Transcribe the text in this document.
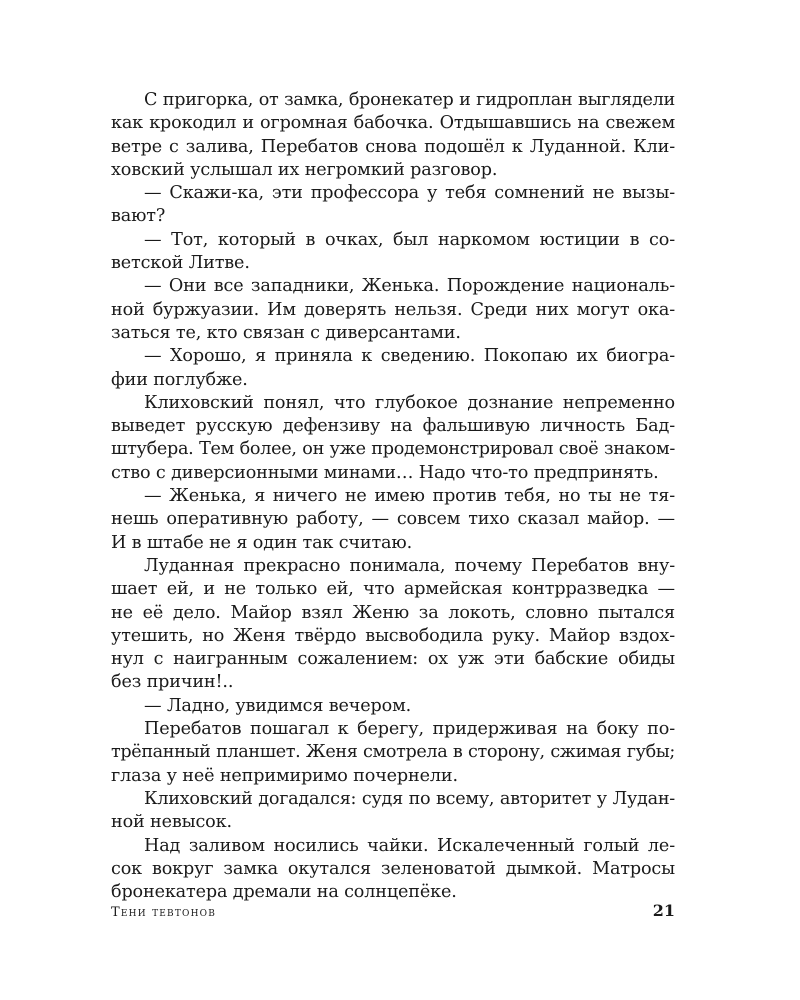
С пригорка, от замка, бронекатер и гидроплан выглядели
как крокодил и огромная бабочка. Отдышавшись на свежем
ветре с залива, Перебатов снова подошёл к Луданной. Кли-
ховский услышал их негромкий разговор.
— Скажи-ка, эти профессора у тебя сомнений не вызы-
вают?
— Тот, который в очках, был наркомом юстиции в со-
ветской Литве.
— Они все западники, Женька. Порождение националь-
ной буржуазии. Им доверять нельзя. Среди них могут ока-
заться те, кто связан с диверсантами.
— Хорошо, я приняла к сведению. Покопаю их биогра-
фии поглубже.
Клиховский понял, что глубокое дознание непременно
выведет русскую дефензиву на фальшивую личность Бад-
штубера. Тем более, он уже продемонстрировал своё знаком-
ство с диверсионными минами… Надо что-то предпринять.
— Женька, я ничего не имею против тебя, но ты не тя-
нешь оперативную работу, — совсем тихо сказал майор. —
И в штабе не я один так считаю.
Луданная прекрасно понимала, почему Перебатов вну-
шает ей, и не только ей, что армейская контрразведка —
не её дело. Майор взял Женю за локоть, словно пытался
утешить, но Женя твёрдо высвободила руку. Майор вздох-
нул с наигранным сожалением: ох уж эти бабские обиды
без причин!..
— Ладно, увидимся вечером.
Перебатов пошагал к берегу, придерживая на боку по-
трёпанный планшет. Женя смотрела в сторону, сжимая губы;
глаза у неё непримиримо почернели.
Клиховский догадался: судя по всему, авторитет у Лудан-
ной невысок.
Над заливом носились чайки. Искалеченный голый ле-
сок вокруг замка окутался зеленоватой дымкой. Матросы
бронекатера дремали на солнцепёке.
Тени тевтонов	21
